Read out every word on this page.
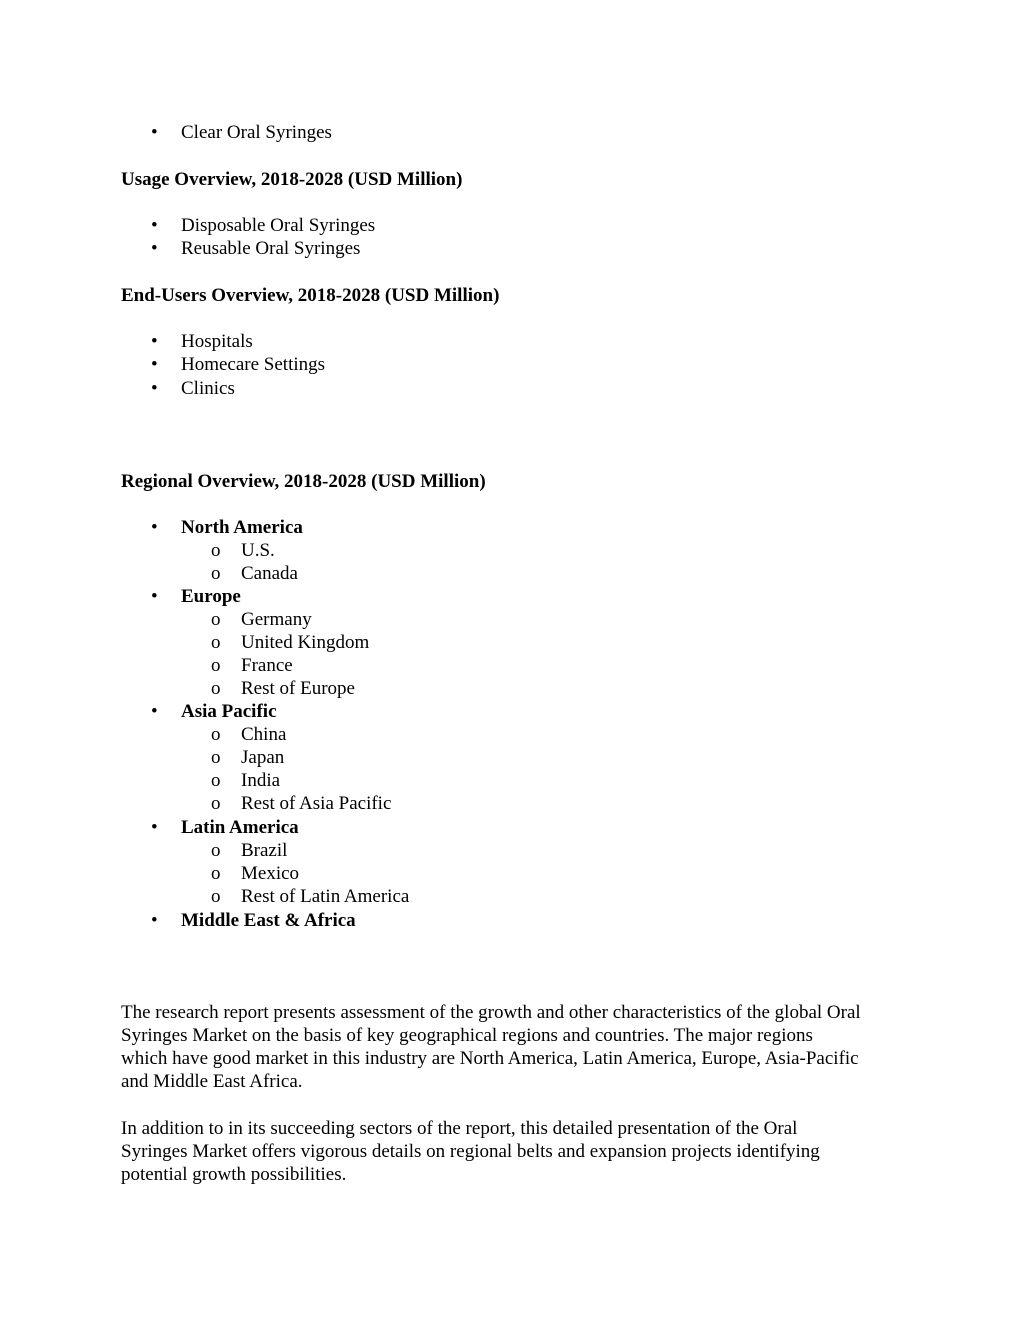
• Clear Oral Syringes
Usage Overview, 2018-2028 (USD Million)
• Disposable Oral Syringes
• Reusable Oral Syringes
End-Users Overview, 2018-2028 (USD Million)
• Hospitals
• Homecare Settings
• Clinics
Regional Overview, 2018-2028 (USD Million)
• North America
o U.S.
o Canada
• Europe
o Germany
o United Kingdom
o France
o Rest of Europe
• Asia Pacific
o China
o Japan
o India
o Rest of Asia Pacific
• Latin America
o Brazil
o Mexico
o Rest of Latin America
• Middle East & Africa
The research report presents assessment of the growth and other characteristics of the global Oral
Syringes Market on the basis of key geographical regions and countries. The major regions
which have good market in this industry are North America, Latin America, Europe, Asia-Pacific
and Middle East Africa.
In addition to in its succeeding sectors of the report, this detailed presentation of the Oral
Syringes Market offers vigorous details on regional belts and expansion projects identifying
potential growth possibilities.
